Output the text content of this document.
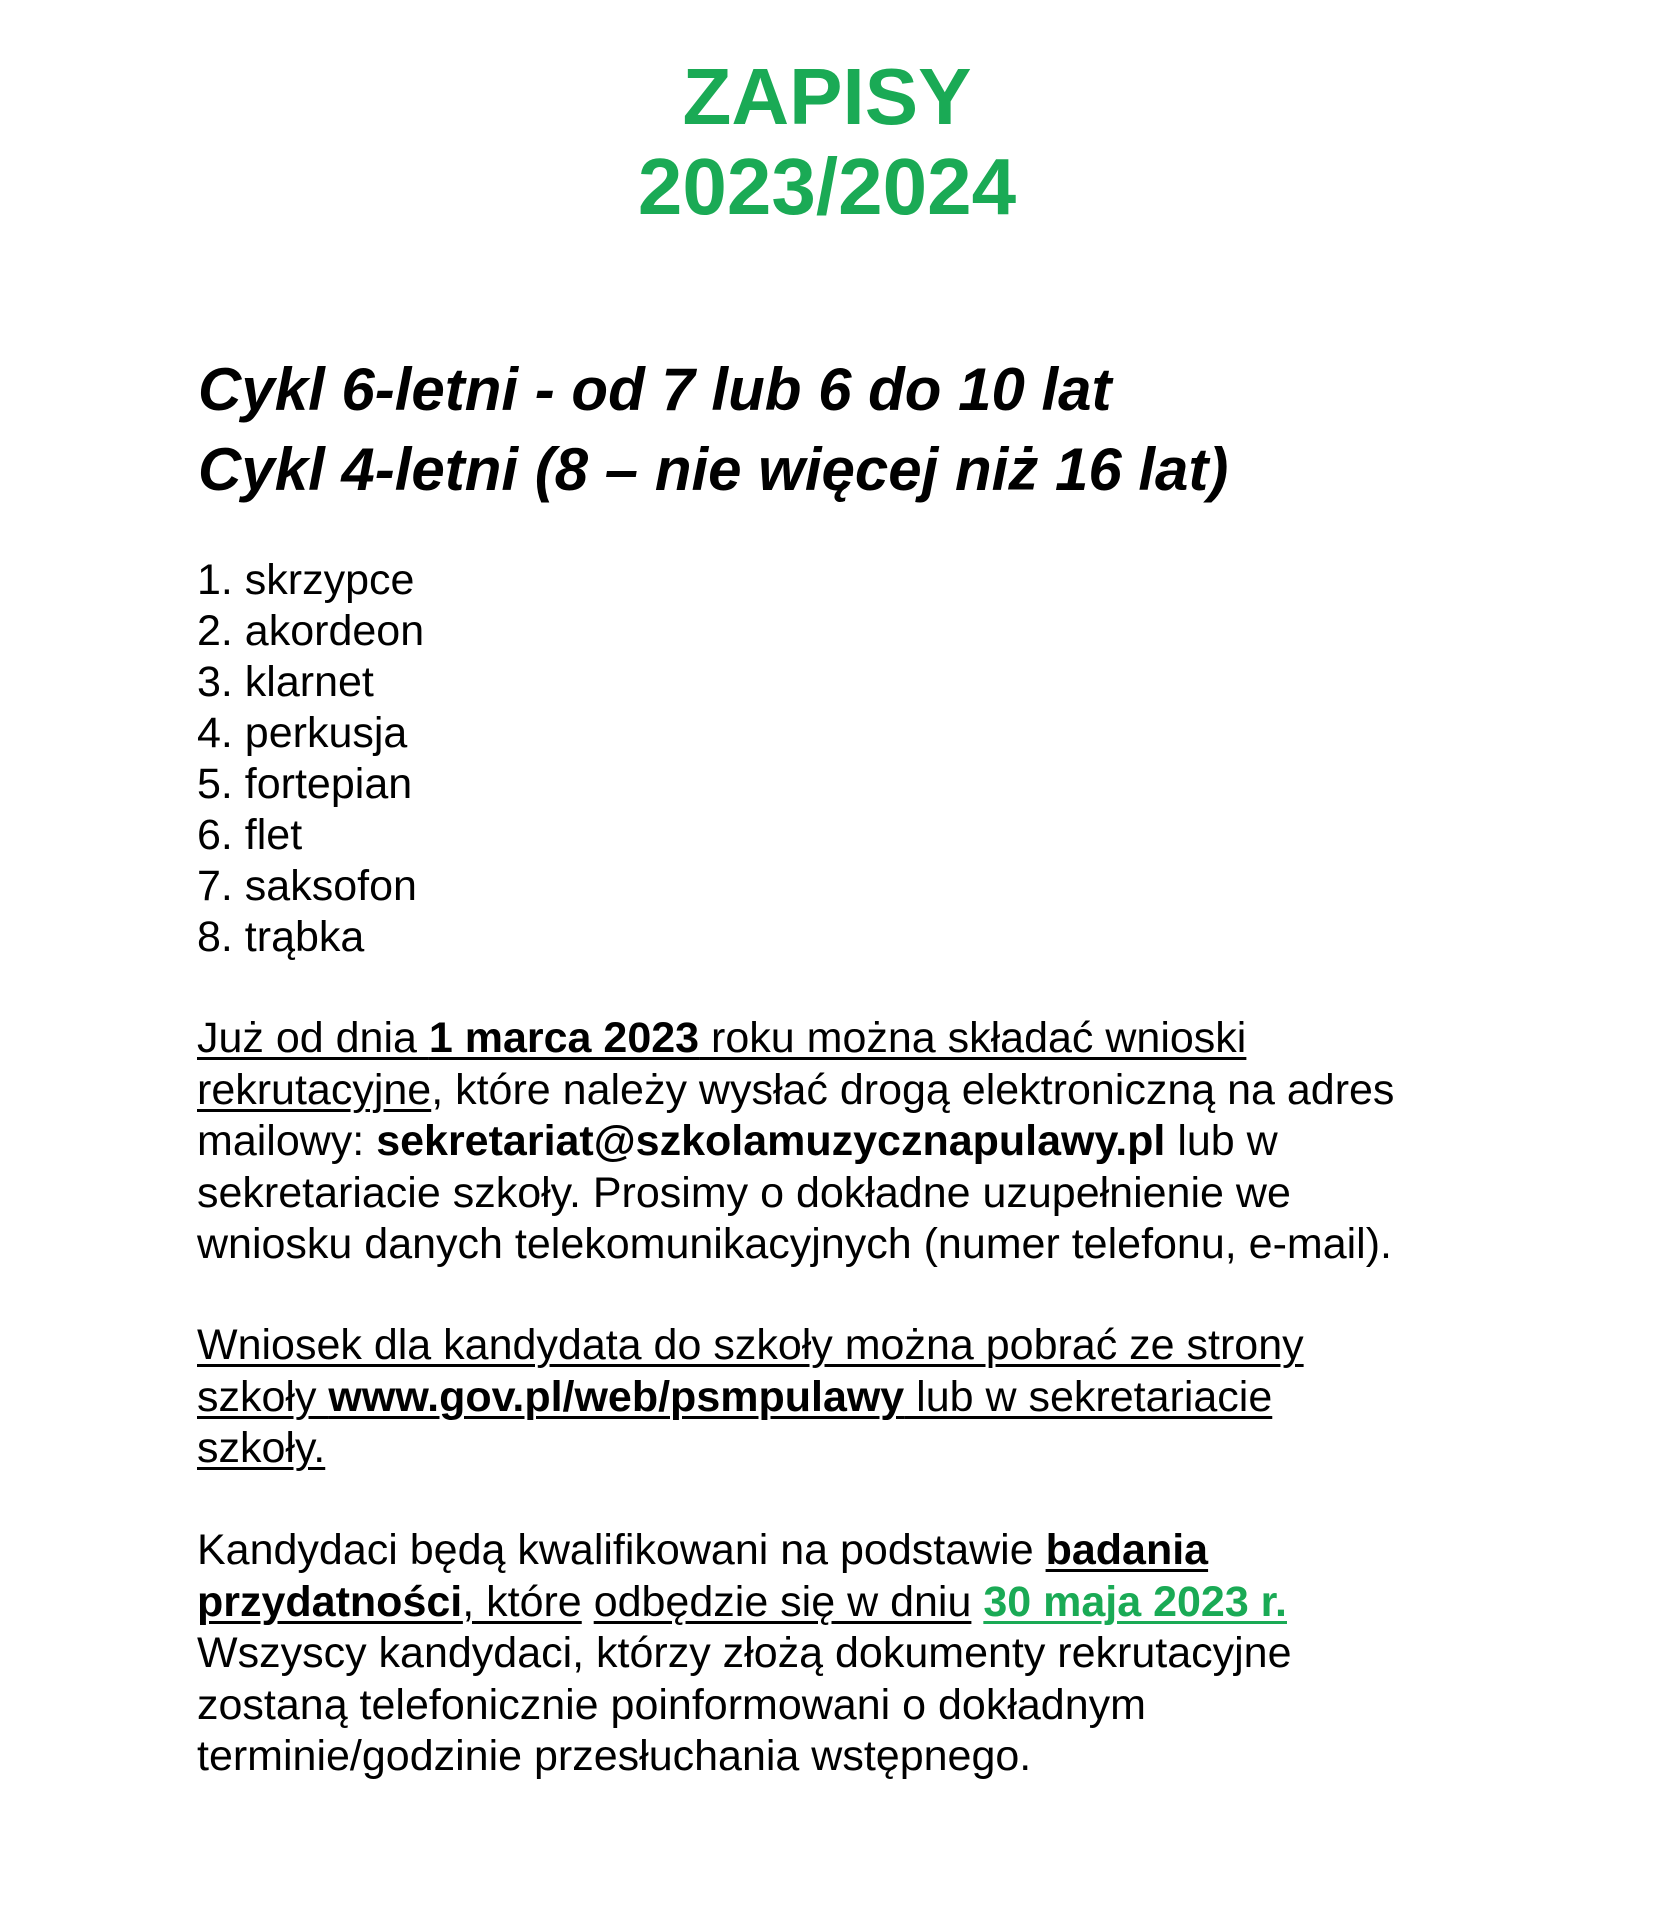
ZAPISY
2023/2024
Cykl 6-letni - od 7 lub 6 do 10 lat
Cykl 4-letni (8 – nie więcej niż 16 lat)
1. skrzypce
2. akordeon
3. klarnet
4. perkusja
5. fortepian
6. flet
7. saksofon
8. trąbka
Już od dnia 1 marca 2023 roku można składać wnioski
rekrutacyjne, które należy wysłać drogą elektroniczną na adres
mailowy: sekretariat@szkolamuzycznapulawy.pl lub w
sekretariacie szkoły. Prosimy o dokładne uzupełnienie we
wniosku danych telekomunikacyjnych (numer telefonu, e-mail).
Wniosek dla kandydata do szkoły można pobrać ze strony
szkoły www.gov.pl/web/psmpulawy lub w sekretariacie
szkoły.
Kandydaci będą kwalifikowani na podstawie badania
przydatności, które odbędzie się w dniu 30 maja 2023 r.
Wszyscy kandydaci, którzy złożą dokumenty rekrutacyjne
zostaną telefonicznie poinformowani o dokładnym
terminie/godzinie przesłuchania wstępnego.
